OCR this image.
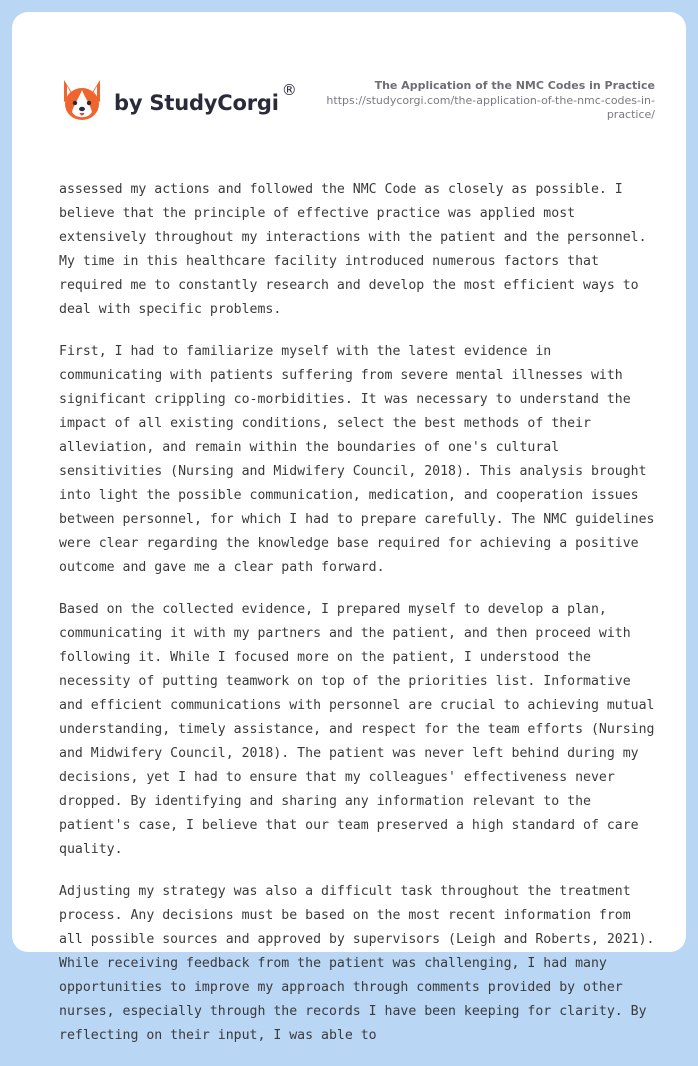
by StudyCorgi
®	The Application of the NMC Codes in Practice
https://studycorgi.com/the-application-of-the-nmc-codes-in-practice/

assessed my actions and followed the NMC Code as closely as possible. I believe that the principle of effective practice was applied most extensively throughout my interactions with the patient and the personnel. My time in this healthcare facility introduced numerous factors that required me to constantly research and develop the most efficient ways to deal with specific problems.

First, I had to familiarize myself with the latest evidence in communicating with patients suffering from severe mental illnesses with significant crippling co-morbidities. It was necessary to understand the impact of all existing conditions, select the best methods of their alleviation, and remain within the boundaries of one's cultural sensitivities (Nursing and Midwifery Council, 2018). This analysis brought into light the possible communication, medication, and cooperation issues between personnel, for which I had to prepare carefully. The NMC guidelines were clear regarding the knowledge base required for achieving a positive outcome and gave me a clear path forward.

Based on the collected evidence, I prepared myself to develop a plan, communicating it with my partners and the patient, and then proceed with following it. While I focused more on the patient, I understood the necessity of putting teamwork on top of the priorities list. Informative and efficient communications with personnel are crucial to achieving mutual understanding, timely assistance, and respect for the team efforts (Nursing and Midwifery Council, 2018). The patient was never left behind during my decisions, yet I had to ensure that my colleagues' effectiveness never dropped. By identifying and sharing any information relevant to the patient's case, I believe that our team preserved a high standard of care quality.

Adjusting my strategy was also a difficult task throughout the treatment process. Any decisions must be based on the most recent information from all possible sources and approved by supervisors (Leigh and Roberts, 2021). While receiving feedback from the patient was challenging, I had many opportunities to improve my approach through comments provided by other nurses, especially through the records I have been keeping for clarity. By reflecting on their input, I was able to
